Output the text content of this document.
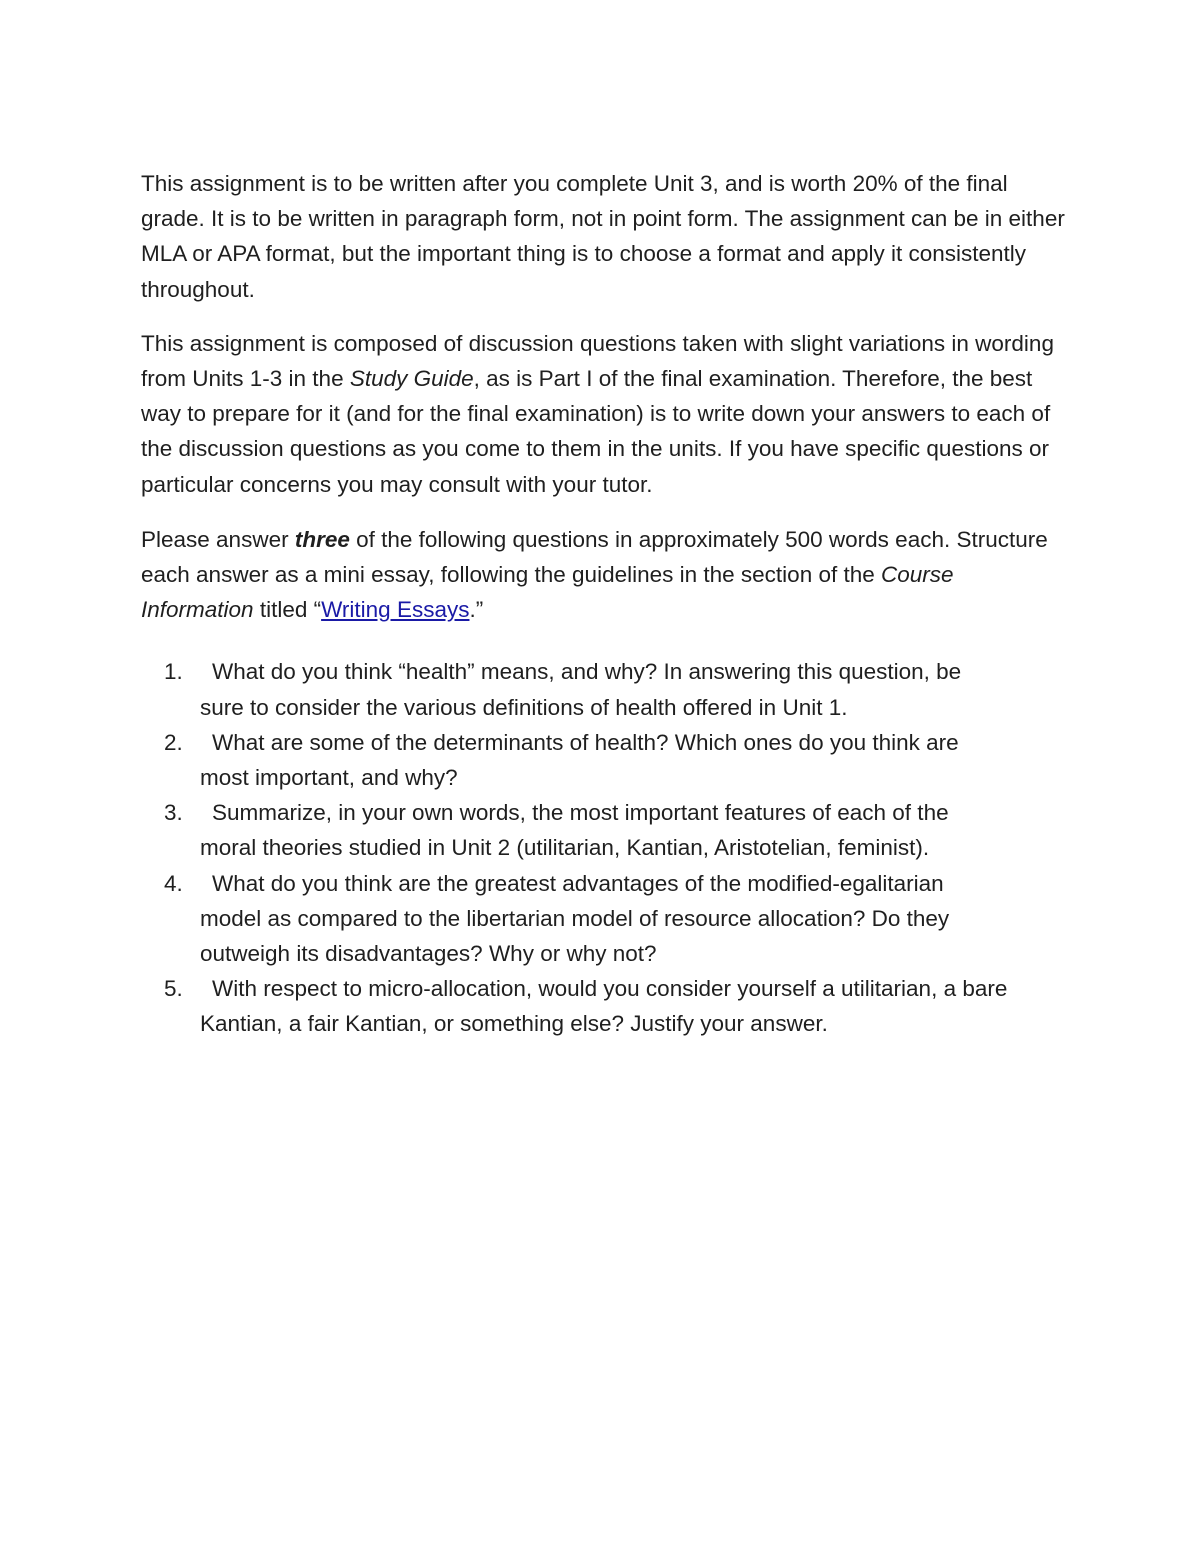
This assignment is to be written after you complete Unit 3, and is worth 20% of the final grade. It is to be written in paragraph form, not in point form. The assignment can be in either MLA or APA format, but the important thing is to choose a format and apply it consistently throughout.

This assignment is composed of discussion questions taken with slight variations in wording from Units 1-3 in the Study Guide, as is Part I of the final examination. Therefore, the best way to prepare for it (and for the final examination) is to write down your answers to each of the discussion questions as you come to them in the units. If you have specific questions or particular concerns you may consult with your tutor.

Please answer three of the following questions in approximately 500 words each. Structure each answer as a mini essay, following the guidelines in the section of the Course Information titled “Writing Essays.”

1.	What do you think “health” means, and why? In answering this question, be sure to consider the various definitions of health offered in Unit 1.
2.	What are some of the determinants of health? Which ones do you think are most important, and why?
3.	Summarize, in your own words, the most important features of each of the moral theories studied in Unit 2 (utilitarian, Kantian, Aristotelian, feminist).
4.	What do you think are the greatest advantages of the modified-egalitarian model as compared to the libertarian model of resource allocation? Do they outweigh its disadvantages? Why or why not?
5.	With respect to micro-allocation, would you consider yourself a utilitarian, a bare Kantian, a fair Kantian, or something else? Justify your answer.
